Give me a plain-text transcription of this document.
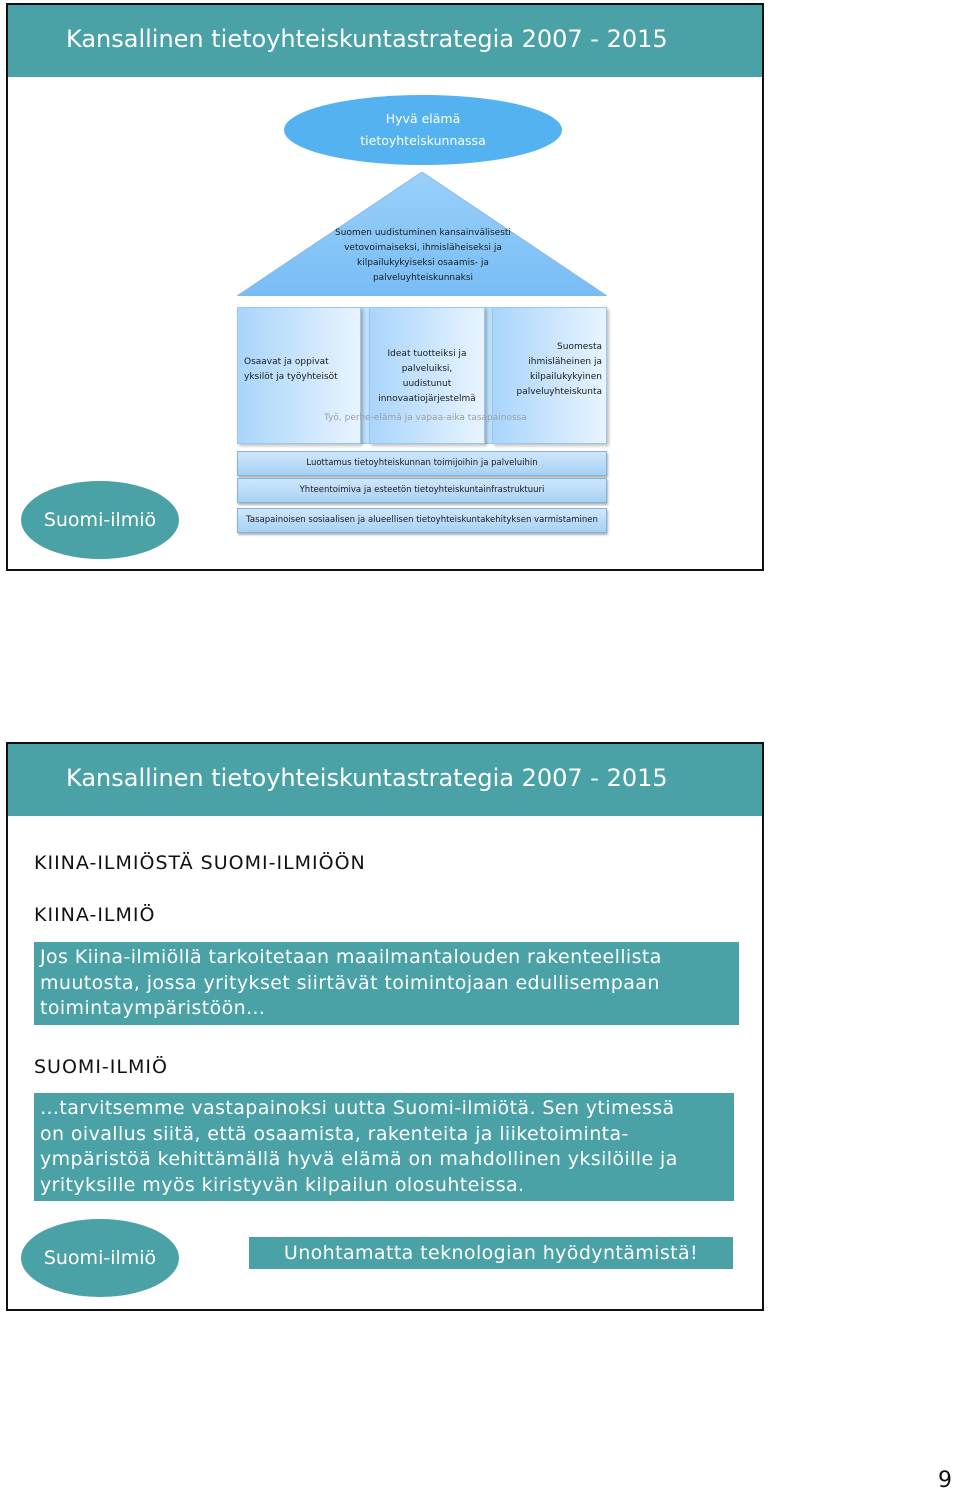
Kansallinen tietoyhteiskuntastrategia 2007 - 2015
Hyvä elämä
tietoyhteiskunnassa
Suomen uudistuminen kansainvälisesti
vetovoimaiseksi, ihmisläheiseksi ja
kilpailukykyiseksi osaamis- ja
palveluyhteiskunnaksi
Osaavat ja oppivat
yksilöt ja työyhteisöt
Ideat tuotteiksi ja
palveluiksi,
uudistunut
innovaatiojärjestelmä
Suomesta
ihmisläheinen ja
kilpailukykyinen
palveluyhteiskunta
Työ, perhe-elämä ja vapaa-aika tasapainossa
Luottamus tietoyhteiskunnan toimijoihin ja palveluihin
Yhteentoimiva ja esteetön tietoyhteiskuntainfrastruktuuri
Tasapainoisen sosiaalisen ja alueellisen tietoyhteiskuntakehityksen varmistaminen
Suomi-ilmiö
Kansallinen tietoyhteiskuntastrategia 2007 - 2015
KIINA-ILMIÖSTÄ SUOMI-ILMIÖÖN
KIINA-ILMIÖ
Jos Kiina-ilmiöllä tarkoitetaan maailmantalouden rakenteellista
muutosta, jossa yritykset siirtävät toimintojaan edullisempaan
toimintaympäristöön…
SUOMI-ILMIÖ
…tarvitsemme vastapainoksi uutta Suomi-ilmiötä. Sen ytimessä
on oivallus siitä, että osaamista, rakenteita ja liiketoiminta-
ympäristöä kehittämällä hyvä elämä on mahdollinen yksilöille ja
yrityksille myös kiristyvän kilpailun olosuhteissa.
Suomi-ilmiö	Unohtamatta teknologian hyödyntämistä!
9
